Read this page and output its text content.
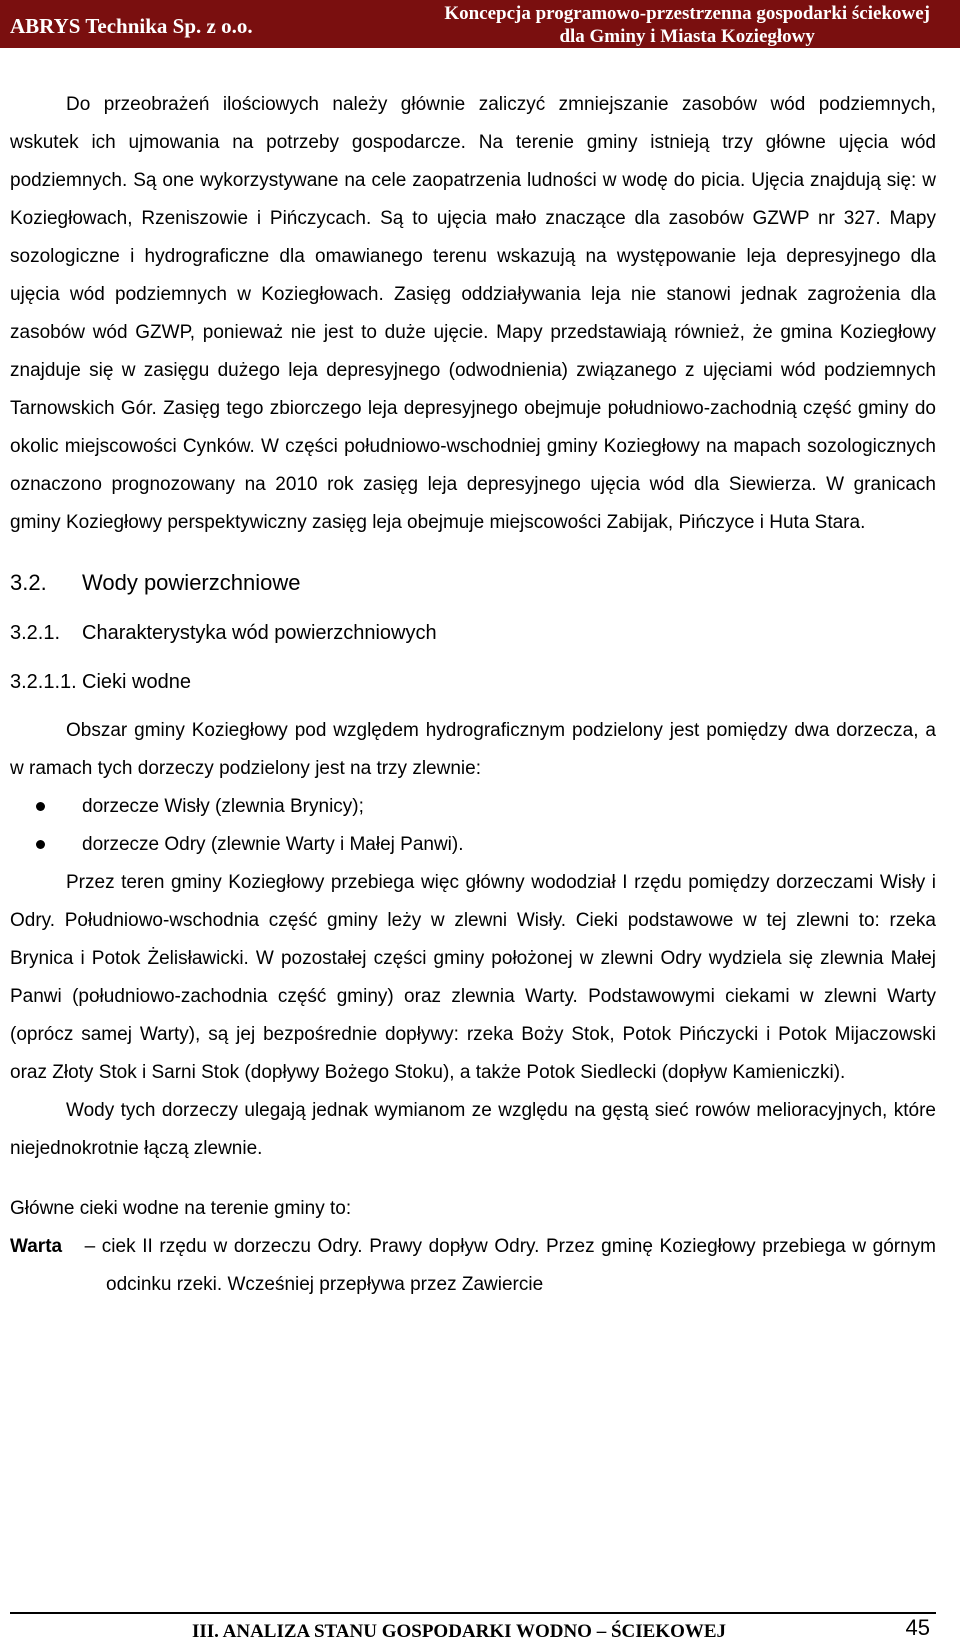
ABRYS Technika Sp. z o.o.
Koncepcja programowo-przestrzenna gospodarki ściekowej
dla Gminy i Miasta Koziegłowy

Do przeobrażeń ilościowych należy głównie zaliczyć zmniejszanie zasobów wód podziemnych, wskutek ich ujmowania na potrzeby gospodarcze. Na terenie gminy istnieją trzy główne ujęcia wód podziemnych. Są one wykorzystywane na cele zaopatrzenia ludności w wodę do picia. Ujęcia znajdują się: w Koziegłowach, Rzeniszowie i Pińczycach. Są to ujęcia mało znaczące dla zasobów GZWP nr 327. Mapy sozologiczne i hydrograficzne dla omawianego terenu wskazują na występowanie leja depresyjnego dla ujęcia wód podziemnych w Koziegłowach. Zasięg oddziaływania leja nie stanowi jednak zagrożenia dla zasobów wód GZWP, ponieważ nie jest to duże ujęcie. Mapy przedstawiają również, że gmina Koziegłowy znajduje się w zasięgu dużego leja depresyjnego (odwodnienia) związanego z ujęciami wód podziemnych Tarnowskich Gór. Zasięg tego zbiorczego leja depresyjnego obejmuje południowo-zachodnią część gminy do okolic miejscowości Cynków. W części południowo-wschodniej gminy Koziegłowy na mapach sozologicznych oznaczono prognozowany na 2010 rok zasięg leja depresyjnego ujęcia wód dla Siewierza. W granicach gminy Koziegłowy perspektywiczny zasięg leja obejmuje miejscowości Zabijak, Pińczyce i Huta Stara.

3.2. Wody powierzchniowe
3.2.1. Charakterystyka wód powierzchniowych
3.2.1.1. Cieki wodne

Obszar gminy Koziegłowy pod względem hydrograficznym podzielony jest pomiędzy dwa dorzecza, a w ramach tych dorzeczy podzielony jest na trzy zlewnie:

dorzecze Wisły (zlewnia Brynicy);
dorzecze Odry (zlewnie Warty i Małej Panwi).

Przez teren gminy Koziegłowy przebiega więc główny wododział I rzędu pomiędzy dorzeczami Wisły i Odry. Południowo-wschodnia część gminy leży w zlewni Wisły. Cieki podstawowe w tej zlewni to: rzeka Brynica i Potok Żelisławicki. W pozostałej części gminy położonej w zlewni Odry wydziela się zlewnia Małej Panwi (południowo-zachodnia część gminy) oraz zlewnia Warty. Podstawowymi ciekami w zlewni Warty (oprócz samej Warty), są jej bezpośrednie dopływy: rzeka Boży Stok, Potok Pińczycki i Potok Mijaczowski oraz Złoty Stok i Sarni Stok (dopływy Bożego Stoku), a także Potok Siedlecki (dopływ Kamieniczki).

Wody tych dorzeczy ulegają jednak wymianom ze względu na gęstą sieć rowów melioracyjnych, które niejednokrotnie łączą zlewnie.

Główne cieki wodne na terenie gminy to:

Warta – ciek II rzędu w dorzeczu Odry. Prawy dopływ Odry. Przez gminę Koziegłowy przebiega w górnym odcinku rzeki. Wcześniej przepływa przez Zawiercie

III. ANALIZA STANU GOSPODARKI WODNO – ŚCIEKOWEJ	45
